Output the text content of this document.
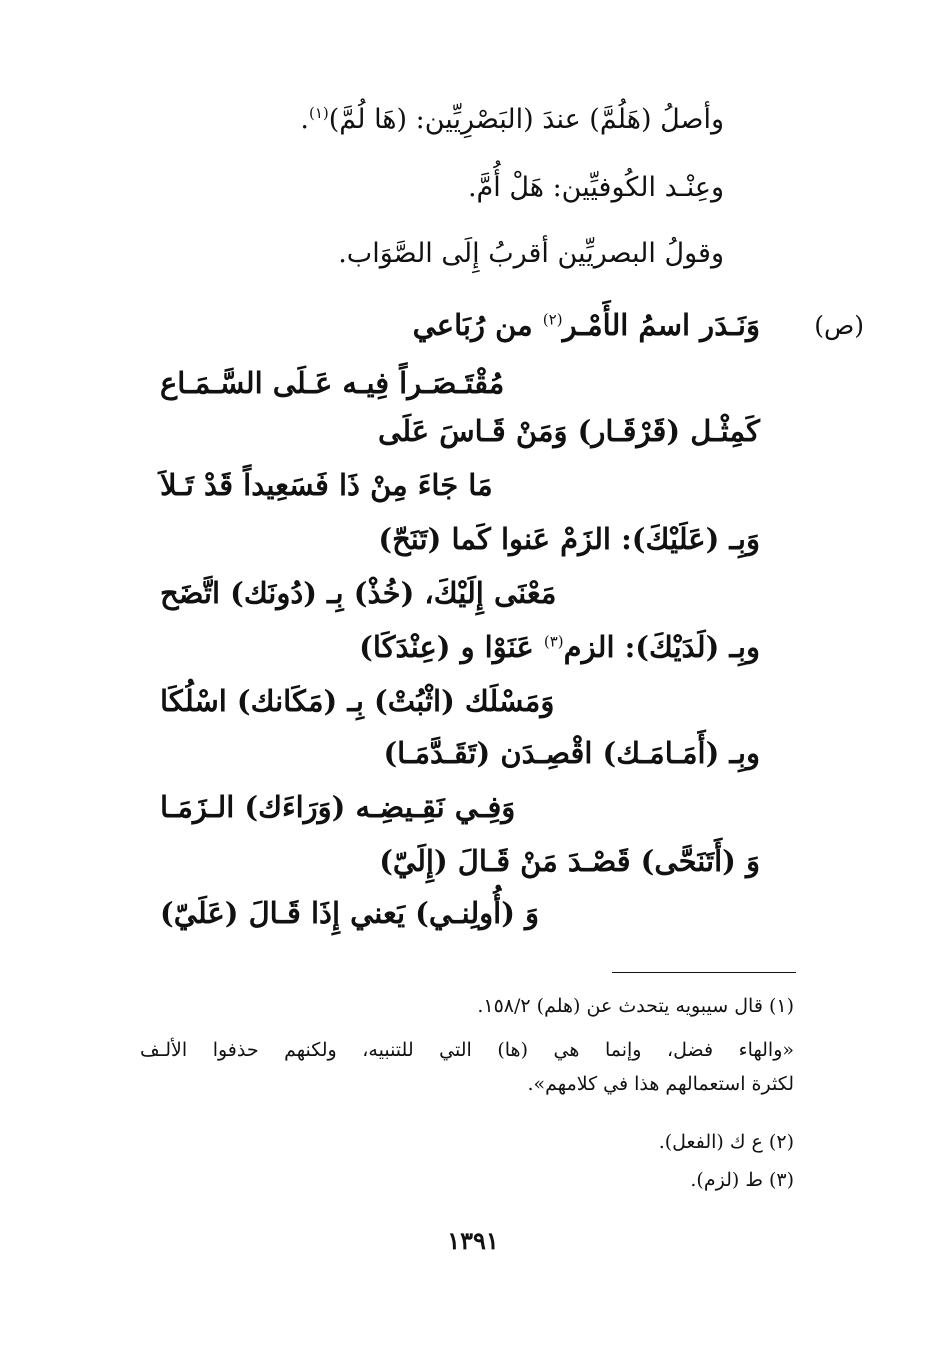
وأصلُ (هَلُمَّ) عندَ (البَصْرِيِّين: (هَا لُمَّ)$^{(١)}$.
وعِنْـد الكُوفيِّين: هَلْ أُمَّ.
وقولُ البصريِّين أقربُ إِلَى الصَّوَاب.
(ص)
وَنَـدَر اسمُ الأَمْـر$^{(٢)}$ من رُبَاعي
مُقْتَـصَـراً فِيـه عَـلَى السَّـمَـاع
كَمِثْـل (قَرْقَـار) وَمَنْ قَـاسَ عَلَى
مَا جَاءَ مِنْ ذَا فَسَعِيداً قَدْ تَـلاَ
وَبِـ (عَلَيْكَ): الزَمْ عَنوا كَما (تَنَحّ)
مَعْنَى إِلَيْكَ، (خُذْ) بِـ (دُونَك) اتَّضَح
وبِـ (لَدَيْكَ): الزم$^{(٣)}$ عَنَوْا و (عِنْدَكَا)
وَمَسْلَك (اثْبُتْ) بِـ (مَكَانك) اسْلُكَا
وبِـ (أَمَـامَـك) اقْصِـدَن (تَقَـدَّمَـا)
وَفِـي نَقِـيضِـه (وَرَاءَك) الـزَمَـا
وَ (أَتَنَحَّى) قَصْـدَ مَنْ قَـالَ (إِلَيّ)
وَ (أُولِنـي) يَعني إِذَا قَـالَ (عَلَيّ)
(١) قال سيبويه يتحدث عن (هلم) ١٥٨/٢.
«والهاء فضل، وإنما هي (ها) التي للتنبيه، ولكنهم حذفوا الألـف
لكثرة استعمالهم هذا في كلامهم».
(٢) ع ك (الفعل).
(٣) ط (لزم).
١٣٩١
